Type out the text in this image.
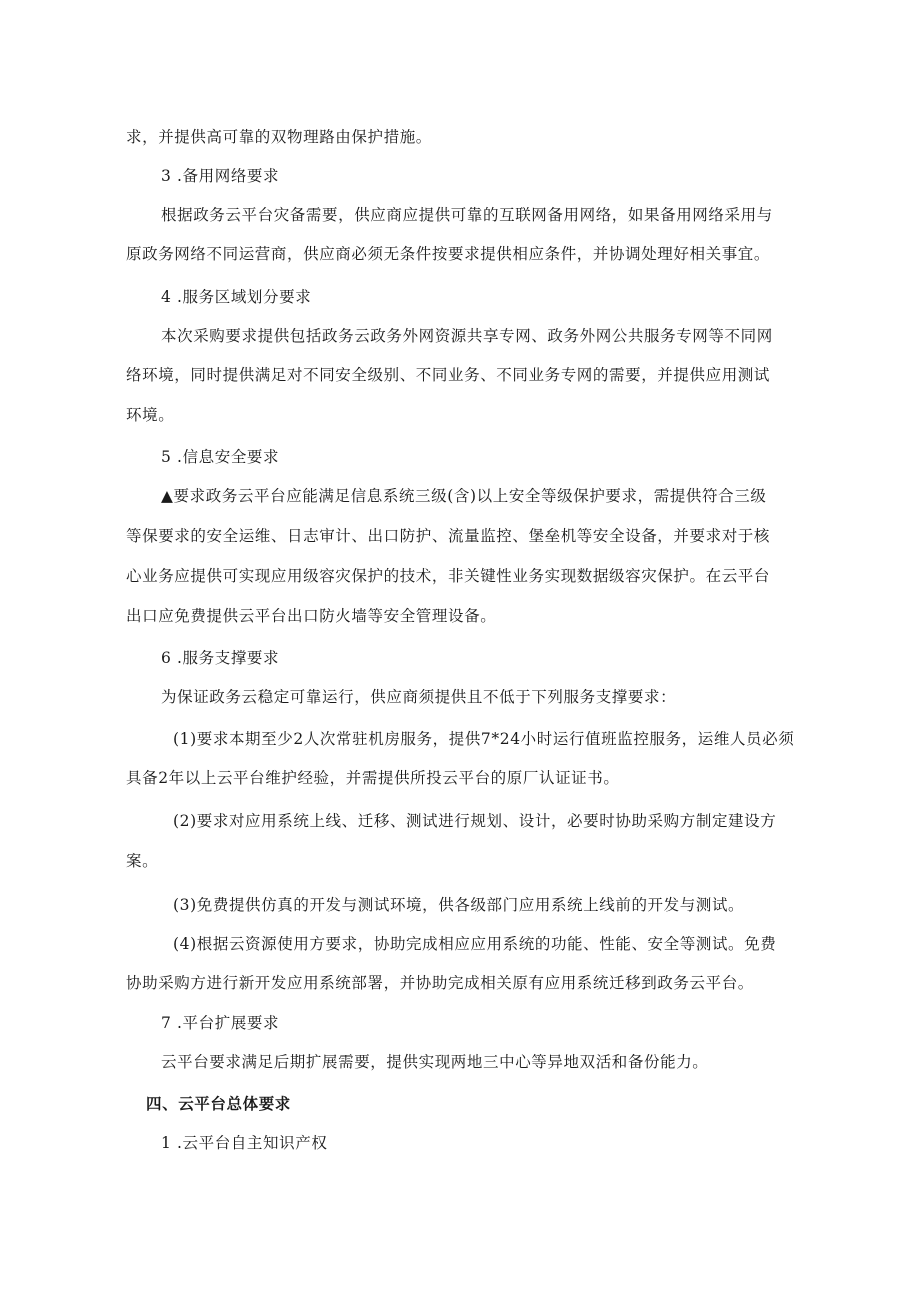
求，并提供高可靠的双物理路由保护措施。
3 .备用网络要求
根据政务云平台灾备需要，供应商应提供可靠的互联网备用网络，如果备用网络采用与
原政务网络不同运营商，供应商必须无条件按要求提供相应条件，并协调处理好相关事宜。
4 .服务区域划分要求
本次采购要求提供包括政务云政务外网资源共享专网、政务外网公共服务专网等不同网
络环境，同时提供满足对不同安全级别、不同业务、不同业务专网的需要，并提供应用测试
环境。
5 .信息安全要求
▲要求政务云平台应能满足信息系统三级(含)以上安全等级保护要求，需提供符合三级
等保要求的安全运维、日志审计、出口防护、流量监控、堡垒机等安全设备，并要求对于核
心业务应提供可实现应用级容灾保护的技术，非关键性业务实现数据级容灾保护。在云平台
出口应免费提供云平台出口防火墙等安全管理设备。
6 .服务支撑要求
为保证政务云稳定可靠运行，供应商须提供且不低于下列服务支撑要求：
(1)要求本期至少2人次常驻机房服务，提供7*24小时运行值班监控服务，运维人员必须
具备2年以上云平台维护经验，并需提供所投云平台的原厂认证证书。
(2)要求对应用系统上线、迁移、测试进行规划、设计，必要时协助采购方制定建设方
案。
(3)免费提供仿真的开发与测试环境，供各级部门应用系统上线前的开发与测试。
(4)根据云资源使用方要求，协助完成相应应用系统的功能、性能、安全等测试。免费
协助采购方进行新开发应用系统部署，并协助完成相关原有应用系统迁移到政务云平台。
7 .平台扩展要求
云平台要求满足后期扩展需要，提供实现两地三中心等异地双活和备份能力。
四、云平台总体要求
1 .云平台自主知识产权
